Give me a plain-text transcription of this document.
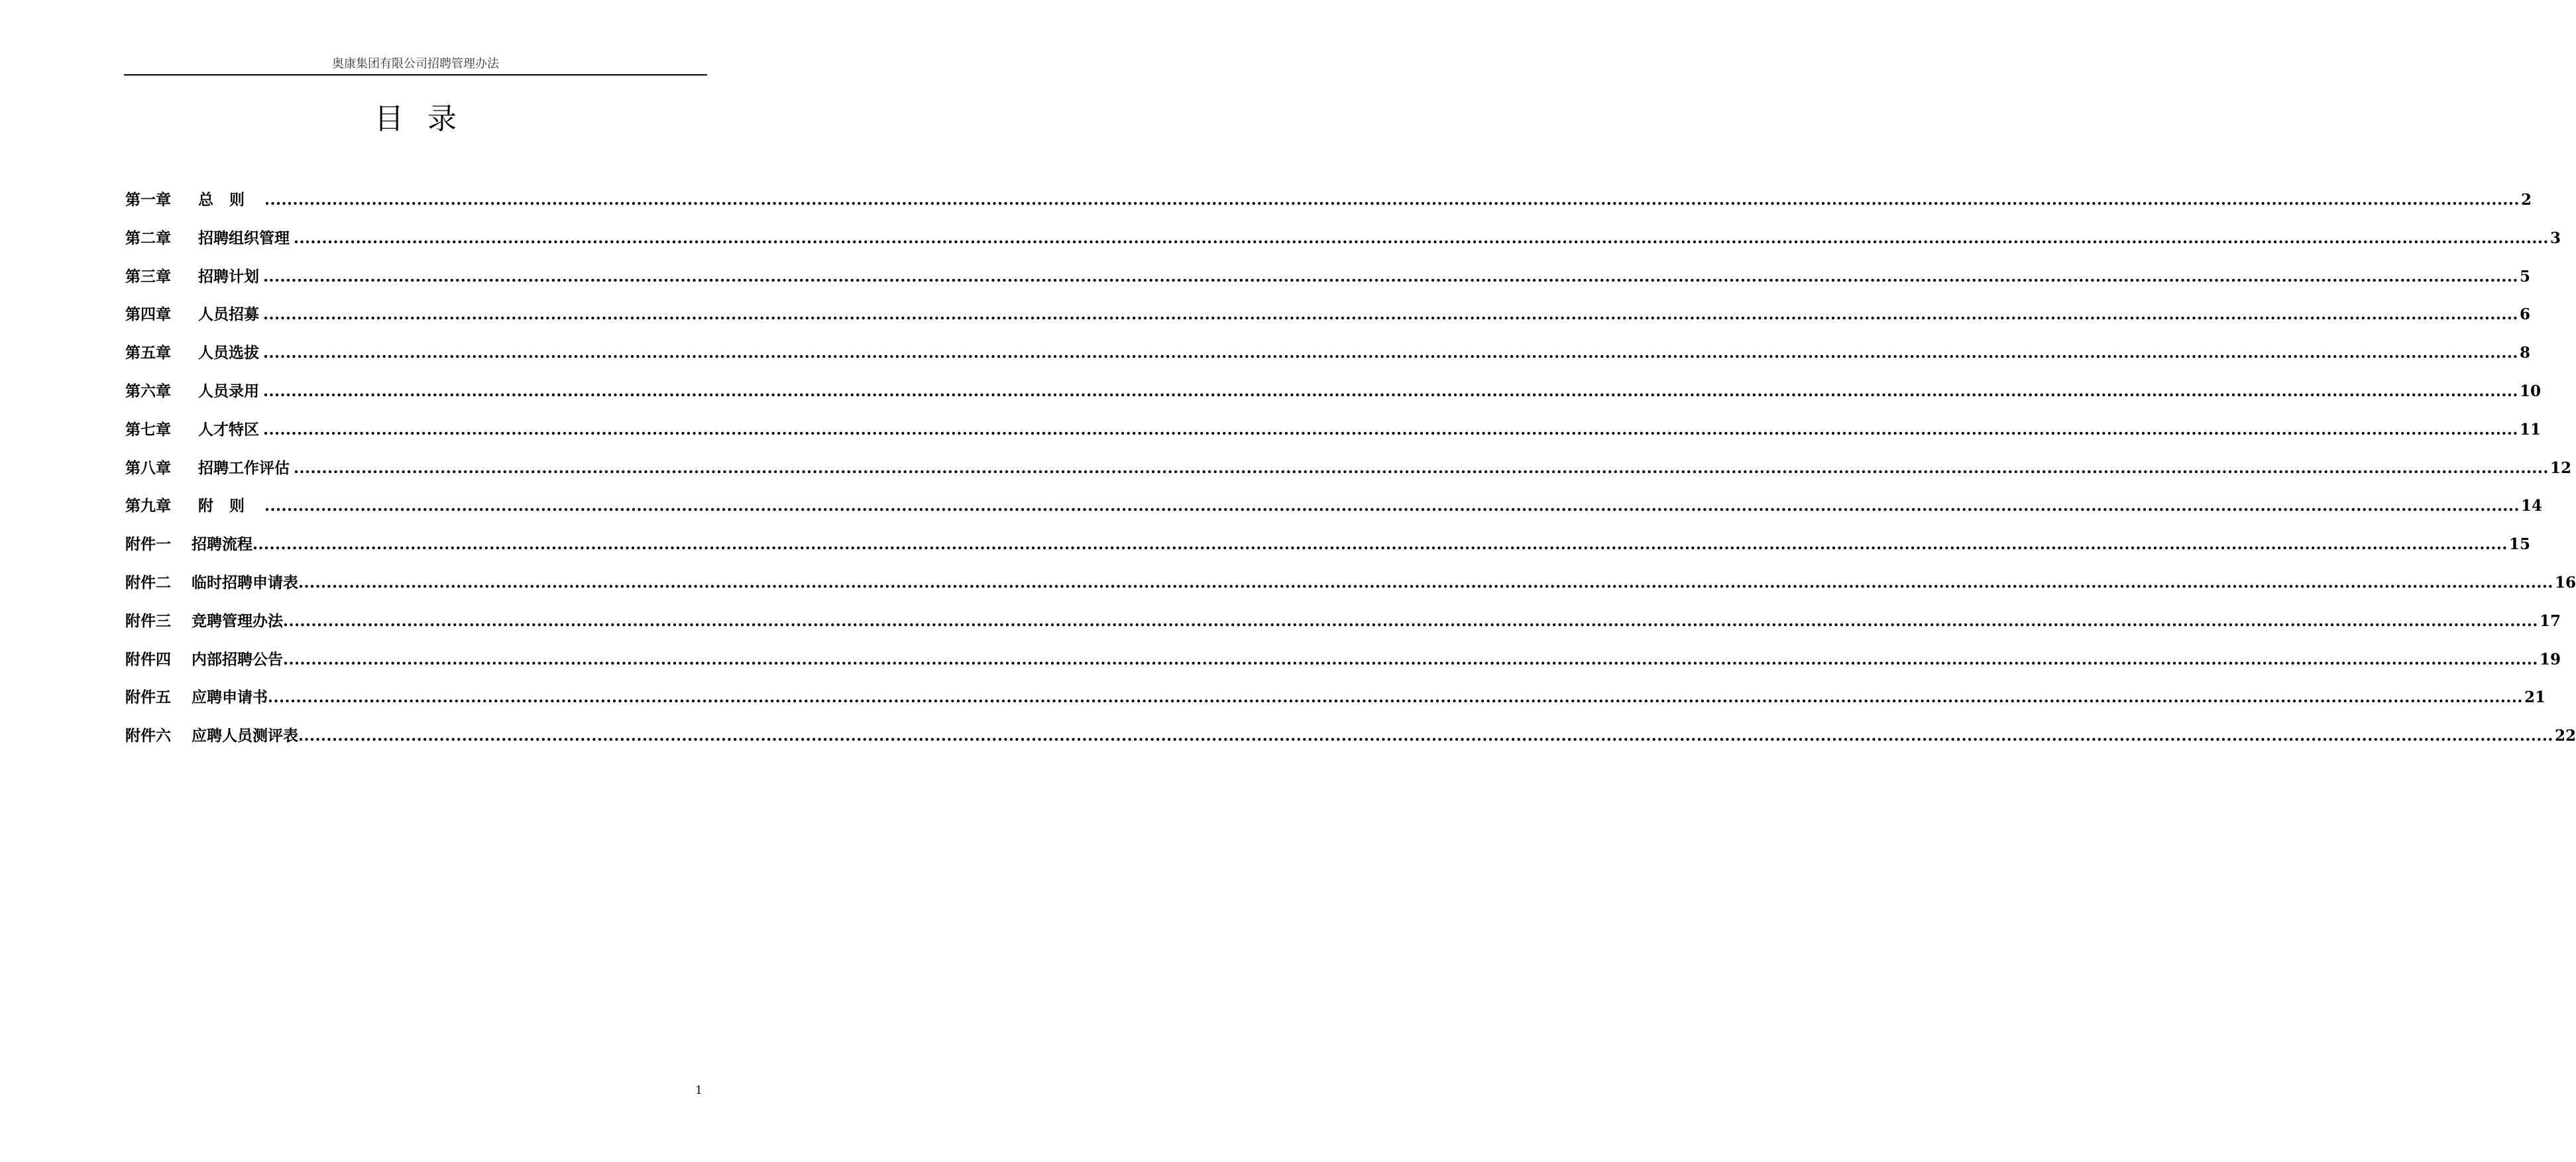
奥康集团有限公司招聘管理办法
目录
第一章	总则 ................................................................................................................................................................................................................................................................................................................................................................................................................ 2
第二章	招聘组织管理 ................................................................................................................................................................................................................................................................................................................................................................................................................ 3
第三章	招聘计划 ................................................................................................................................................................................................................................................................................................................................................................................................................ 5
第四章	人员招募 ................................................................................................................................................................................................................................................................................................................................................................................................................ 6
第五章	人员选拔 ................................................................................................................................................................................................................................................................................................................................................................................................................ 8
第六章	人员录用 ................................................................................................................................................................................................................................................................................................................................................................................................................ 10
第七章	人才特区 ................................................................................................................................................................................................................................................................................................................................................................................................................ 11
第八章	招聘工作评估 ................................................................................................................................................................................................................................................................................................................................................................................................................ 12
第九章	附则 ................................................................................................................................................................................................................................................................................................................................................................................................................ 14
附件一	招聘流程 ................................................................................................................................................................................................................................................................................................................................................................................................................ 15
附件二	临时招聘申请表 ................................................................................................................................................................................................................................................................................................................................................................................................................ 16
附件三	竞聘管理办法 ................................................................................................................................................................................................................................................................................................................................................................................................................ 17
附件四	内部招聘公告 ................................................................................................................................................................................................................................................................................................................................................................................................................ 19
附件五	应聘申请书 ................................................................................................................................................................................................................................................................................................................................................................................................................ 21
附件六	应聘人员测评表 ................................................................................................................................................................................................................................................................................................................................................................................................................ 22
1
